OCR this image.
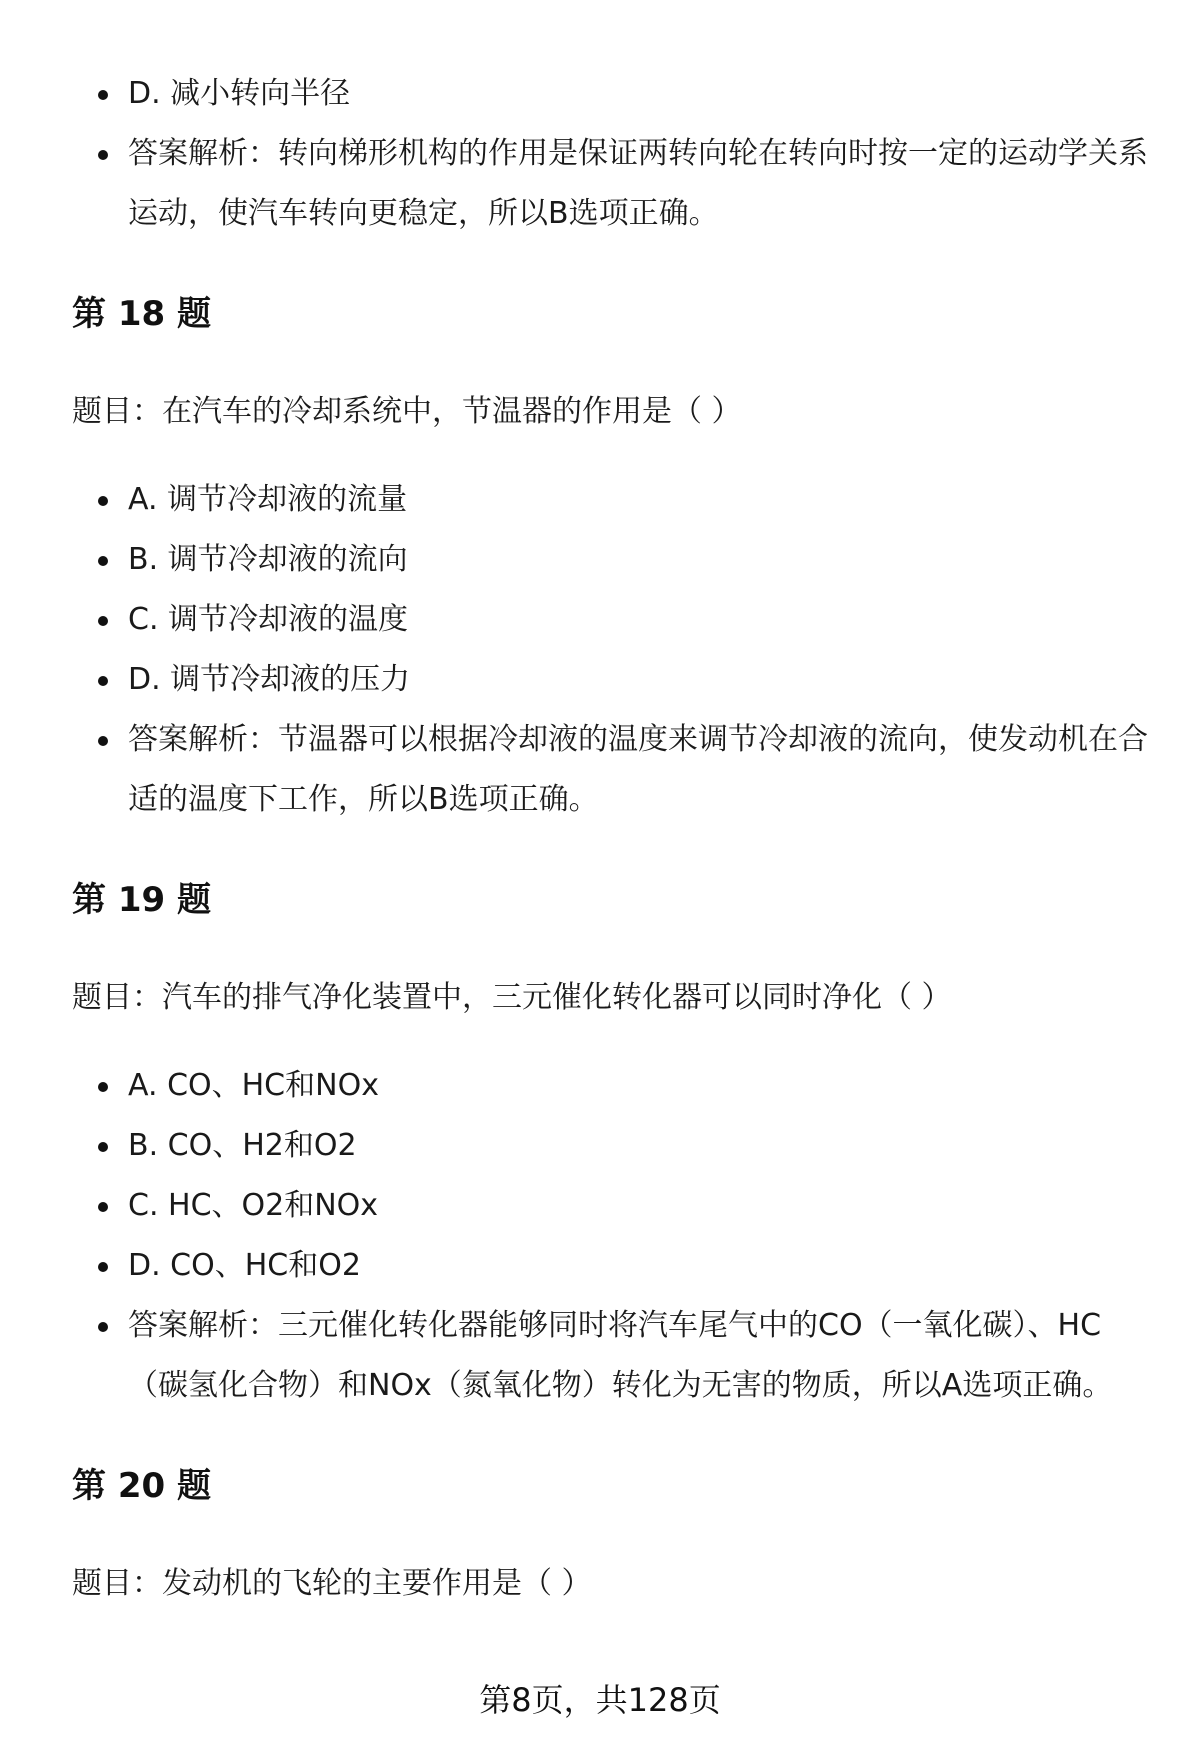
D. 减小转向半径
答案解析：转向梯形机构的作用是保证两转向轮在转向时按一定的运动学关系运动，使汽车转向更稳定，所以B选项正确。
第 18 题

题目：在汽车的冷却系统中，节温器的作用是（ ）

A. 调节冷却液的流量
B. 调节冷却液的流向
C. 调节冷却液的温度
D. 调节冷却液的压力
答案解析：节温器可以根据冷却液的温度来调节冷却液的流向，使发动机在合适的温度下工作，所以B选项正确。
第 19 题

题目：汽车的排气净化装置中，三元催化转化器可以同时净化（ ）

A. CO、HC和NOx
B. CO、H2和O2
C. HC、O2和NOx
D. CO、HC和O2
答案解析：三元催化转化器能够同时将汽车尾气中的CO（一氧化碳）、HC（碳氢化合物）和NOx（氮氧化物）转化为无害的物质，所以A选项正确。
第 20 题

题目：发动机的飞轮的主要作用是（ ）

第8页，共128页
